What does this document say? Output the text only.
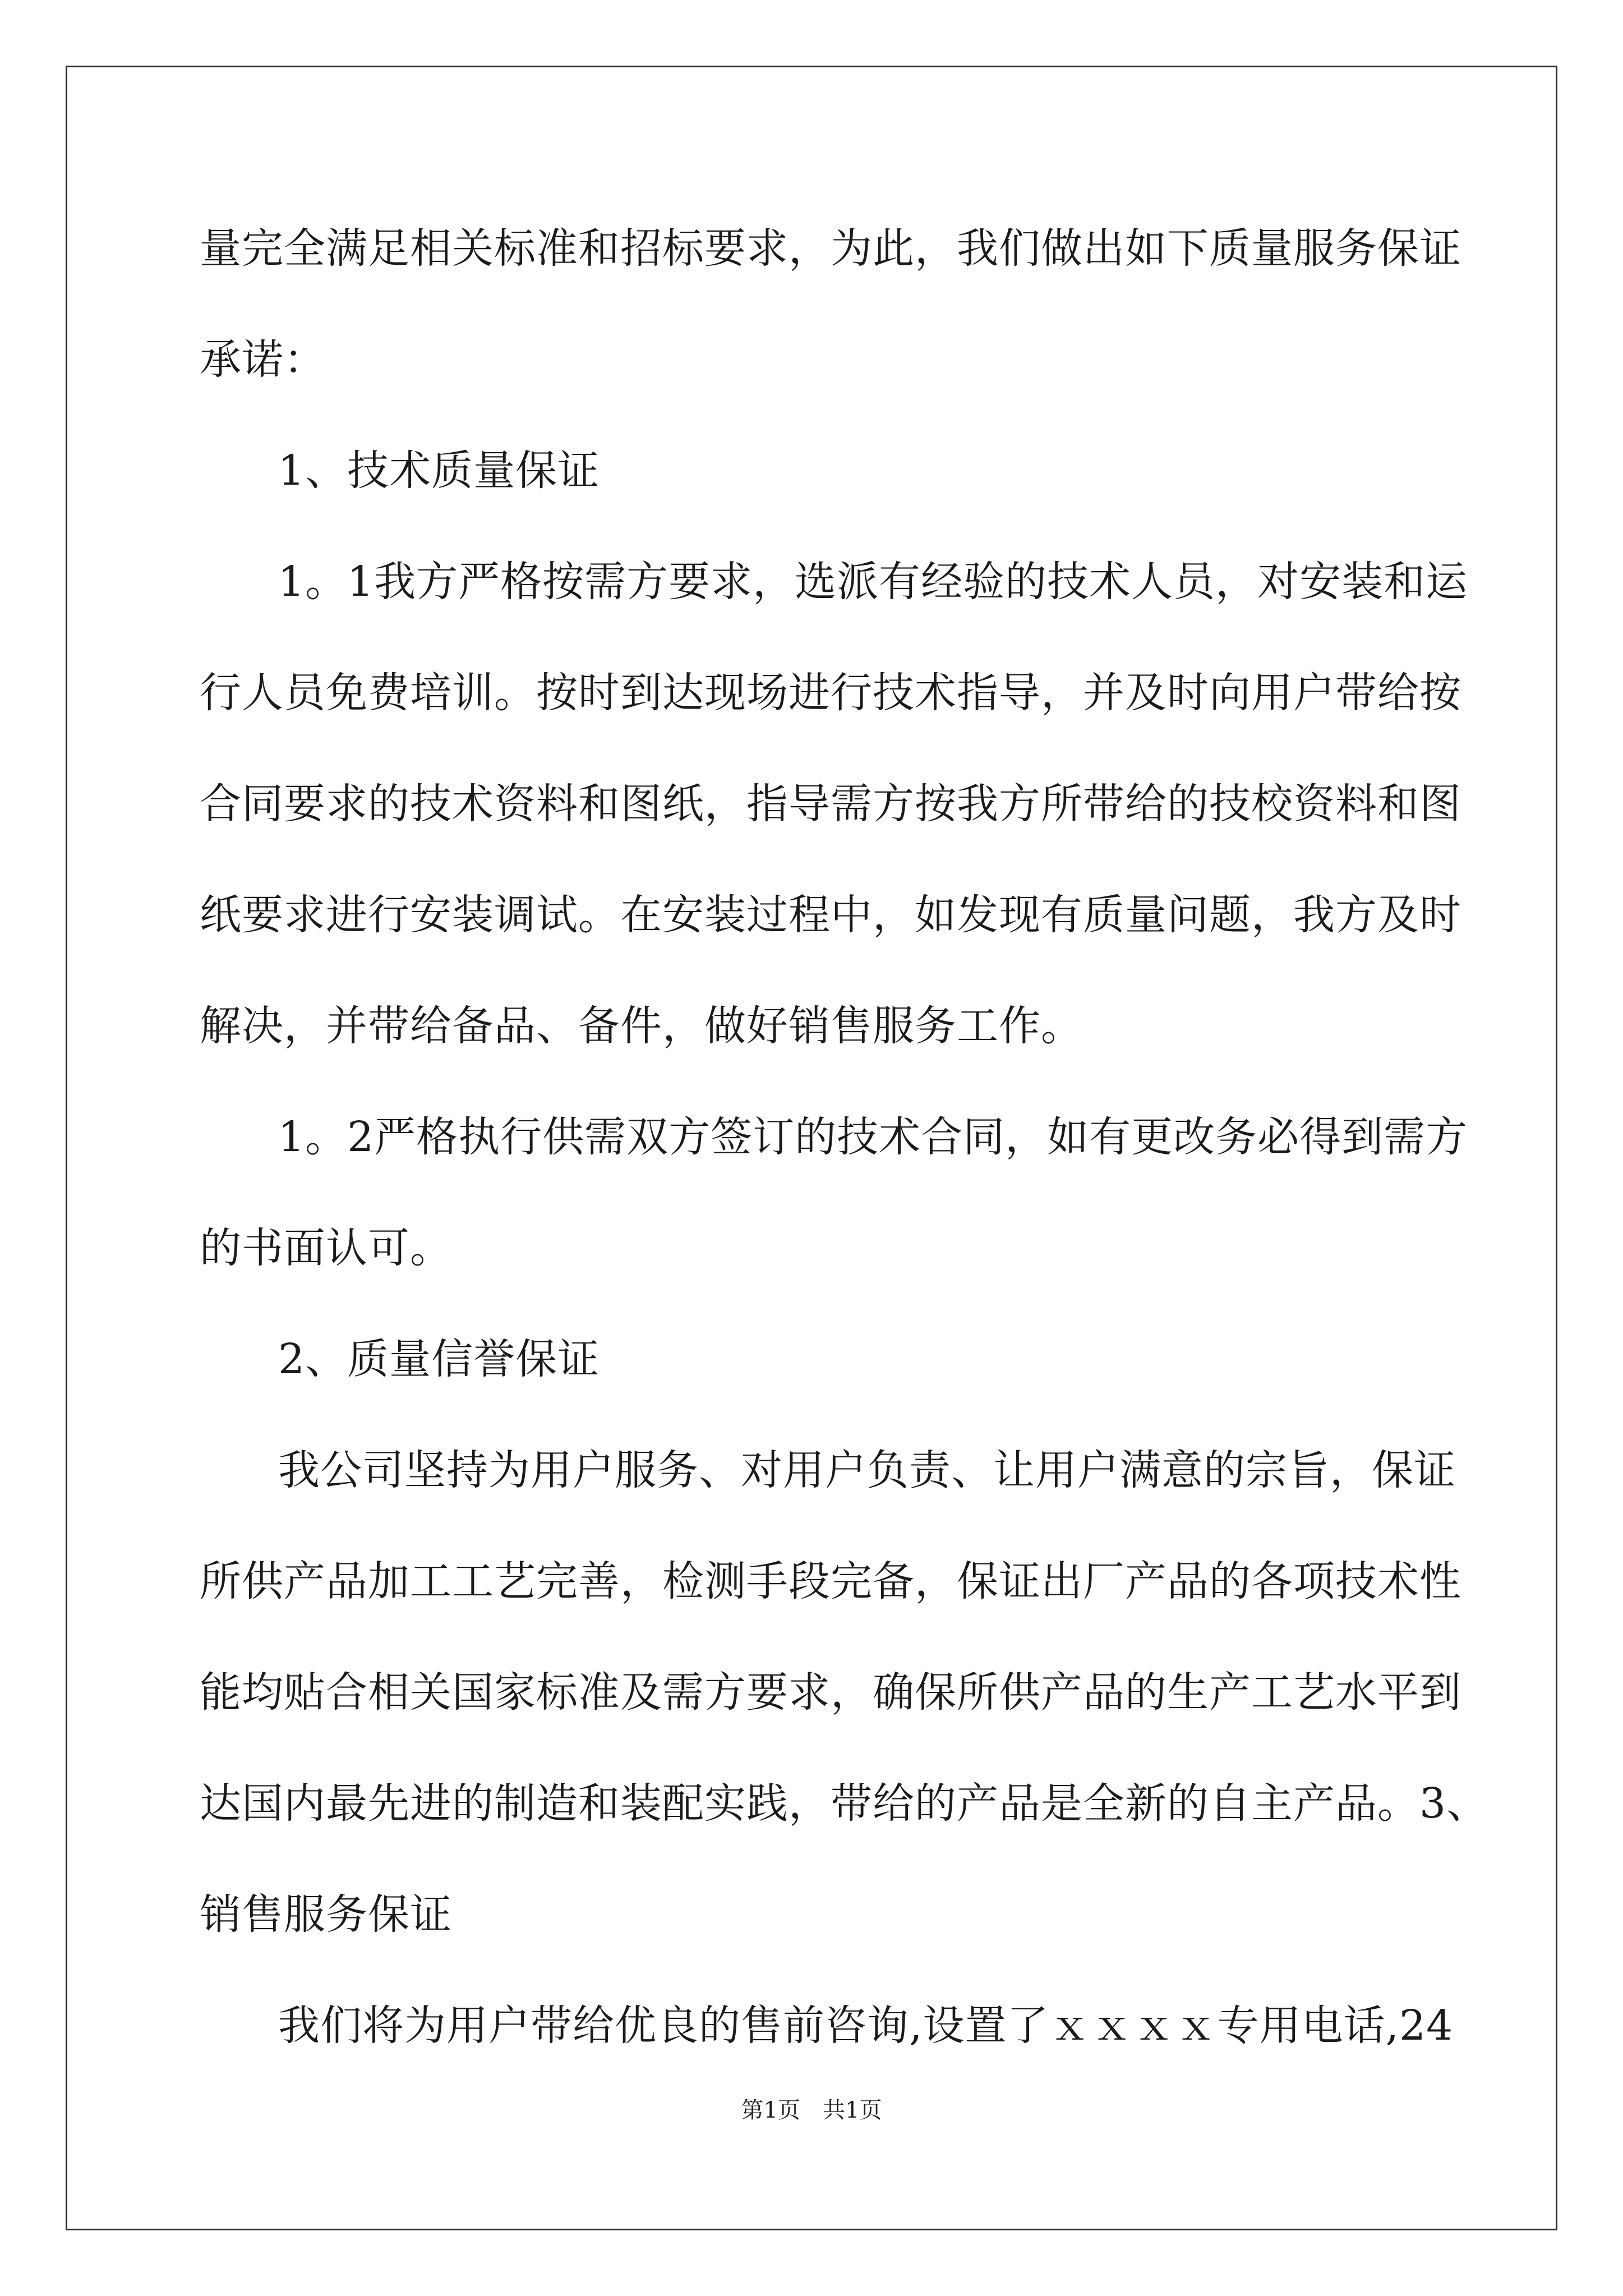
量完全满足相关标准和招标要求，为此，我们做出如下质量服务保证
承诺：
1、技术质量保证
1。1我方严格按需方要求，选派有经验的技术人员，对安装和运
行人员免费培训。按时到达现场进行技术指导，并及时向用户带给按
合同要求的技术资料和图纸，指导需方按我方所带给的技校资料和图
纸要求进行安装调试。在安装过程中，如发现有质量问题，我方及时
解决，并带给备品、备件，做好销售服务工作。
1。2严格执行供需双方签订的技术合同，如有更改务必得到需方
的书面认可。
2、质量信誉保证
我公司坚持为用户服务、对用户负责、让用户满意的宗旨，保证
所供产品加工工艺完善，检测手段完备，保证出厂产品的各项技术性
能均贴合相关国家标准及需方要求，确保所供产品的生产工艺水平到
达国内最先进的制造和装配实践，带给的产品是全新的自主产品。3、
销售服务保证
我们将为用户带给优良的售前咨询,设置了ｘｘｘｘ专用电话,24
第1页　共1页
